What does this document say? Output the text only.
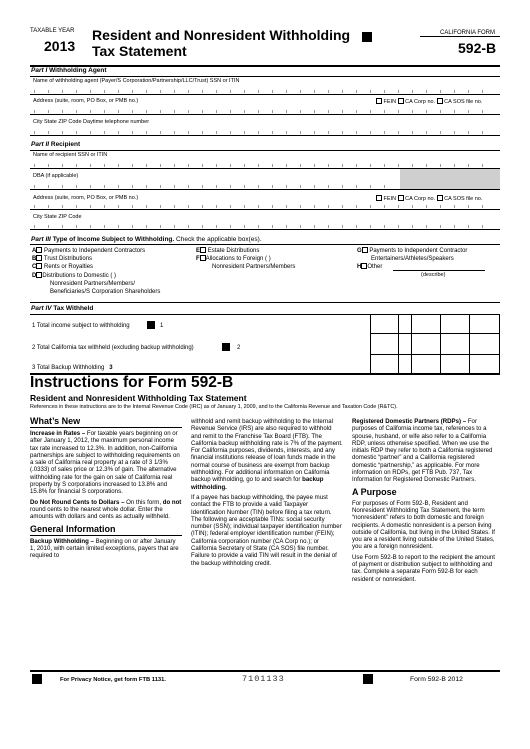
TAXABLE YEAR
2013
Resident and Nonresident Withholding
Tax Statement
CALIFORNIA FORM
592-B
Part I Withholding Agent
Name of withholding agent (Payer/S Corporation/Partnership/LLC/Trust) SSN or ITIN
Address (suite, room, PO Box, or PMB no.)	FEIN CA Corp no. CA SOS file no.
City State ZIP Code Daytime telephone number
Part II Recipient
Name of recipient SSN or ITIN
DBA (if applicable)
Address (suite, room, PO Box, or PMB no.)	FEIN CA Corp no. CA SOS file no.
City State ZIP Code
Part III Type of Income Subject to Withholding. Check the applicable box(es).
A Payments to Independent Contractors
B Trust Distributions
C Rents or Royalties
D Distributions to Domestic ( )
Nonresident Partners/Members/
Beneficiaries/S Corporation Shareholders
E Estate Distributions
F Allocations to Foreign ( )
Nonresident Partners/Members
G Payments to Independent Contractor
Entertainers/Athletes/Speakers
H Other
(describe)
Part IV Tax Withheld
1 Total income subject to withholding	1
2 Total California tax withheld (excluding backup withholding)	2
3 Total Backup Withholding 3
Instructions for Form 592-B
Resident and Nonresident Withholding Tax Statement
References in these instructions are to the Internal Revenue Code (IRC) as of January 1, 2009, and to the California Revenue and Taxation Code (R&TC).
What’s New

Increase in Rates – For taxable years beginning on or after January 1, 2012, the maximum personal income tax rate increased to 12.3%. In addition, non-California partnerships are subject to withholding requirements on a sale of California real property at a rate of 3 1/3% (.0333) of sales price or 12.3% of gain. The alternative withholding rate for the gain on sale of California real property by S corporations increased to 13.8% and 15.8% for financial S corporations.

Do Not Round Cents to Dollars – On this form, do not round cents to the nearest whole dollar. Enter the amounts with dollars and cents as actually withheld.

General Information

Backup Withholding – Beginning on or after January 1, 2010, with certain limited exceptions, payers that are required to

withhold and remit backup withholding to the Internal Revenue Service (IRS) are also required to withhold and remit to the Franchise Tax Board (FTB). The California backup withholding rate is 7% of the payment. For California purposes, dividends, interests, and any financial institutions release of loan funds made in the normal course of business are exempt from backup withholding. For additional information on California backup withholding, go to and search for backup withholding.

If a payee has backup withholding, the payee must contact the FTB to provide a valid Taxpayer Identification Number (TIN) before filing a tax return. The following are acceptable TINs: social security number (SSN); individual taxpayer identification number (ITIN); federal employer identification number (FEIN); California corporation number (CA Corp no.); or California Secretary of State (CA SOS) file number. Failure to provide a valid TIN will result in the denial of the backup withholding credit.

Registered Domestic Partners (RDPs) – For purposes of California income tax, references to a spouse, husband, or wife also refer to a California RDP, unless otherwise specified. When we use the initials RDP they refer to both a California registered domestic “partner” and a California registered domestic “partnership,” as applicable. For more information on RDPs, get FTB Pub. 737, Tax Information for Registered Domestic Partners.

A Purpose

For purposes of Form 592-B, Resident and Nonresident Withholding Tax Statement, the term “nonresident” refers to both domestic and foreign recipients. A domestic nonresident is a person living outside of California, but living in the United States. If you are a resident living outside of the United States, you are a foreign nonresident.

Use Form 592-B to report to the recipient the amount of payment or distribution subject to withholding and tax. Complete a separate Form 592-B for each resident or nonresident.

For Privacy Notice, get form FTB 1131.	7101133	Form 592-B 2012
